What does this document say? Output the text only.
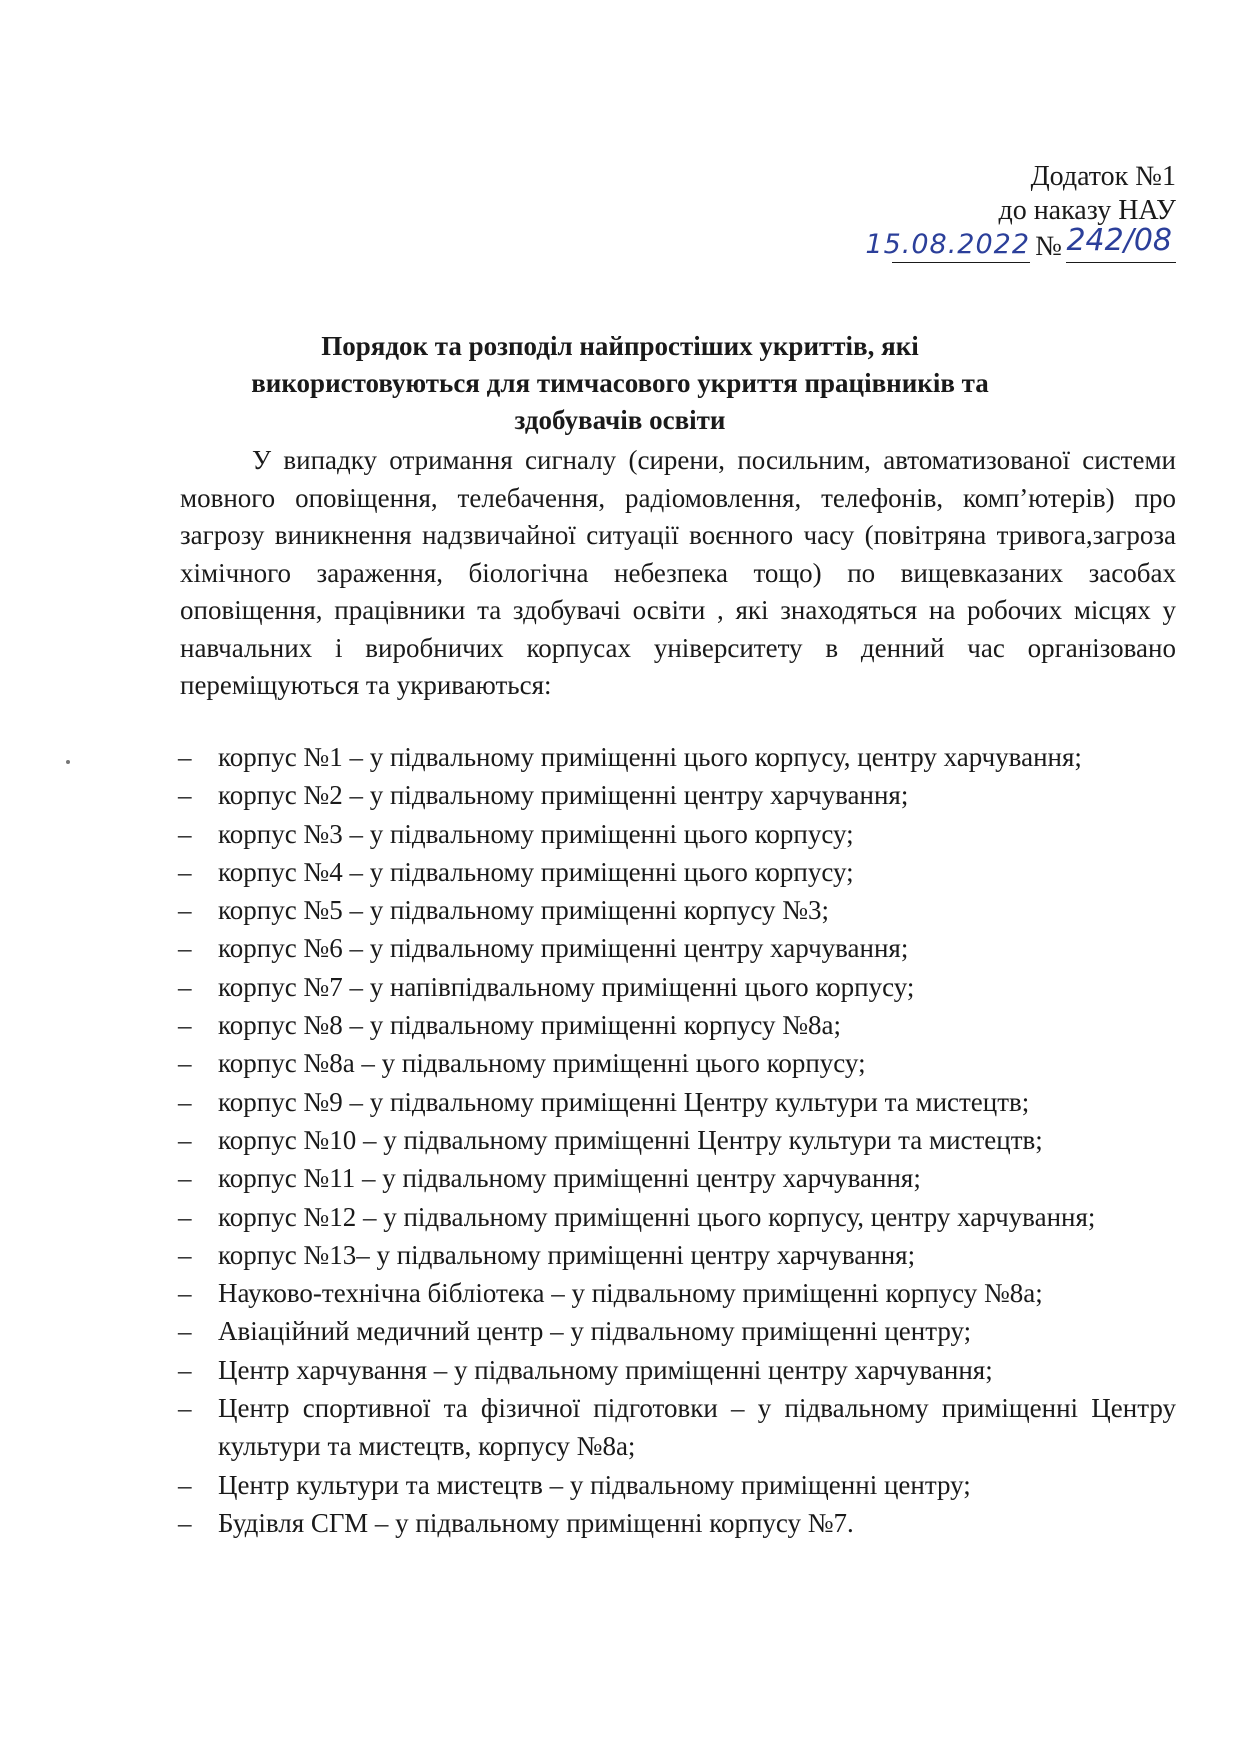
Додаток №1
до наказу НАУ
15.08.2022 № 242/08
Порядок та розподіл найпростіших укриттів, які
використовуються для тимчасового укриття працівників та
здобувачів освіти

У випадку отримання сигналу (сирени, посильним, автоматизованої системи мовного оповіщення, телебачення, радіомовлення, телефонів, комп’ютерів) про загрозу виникнення надзвичайної ситуації воєнного часу (повітряна тривога,загроза хімічного зараження, біологічна небезпека тощо) по вищевказаних засобах оповіщення, працівники та здобувачі освіти , які знаходяться на робочих місцях у навчальних і виробничих корпусах університету в денний час організовано переміщуються та укриваються:

– корпус №1 – у підвальному приміщенні цього корпусу, центру харчування;
– корпус №2 – у підвальному приміщенні центру харчування;
– корпус №3 – у підвальному приміщенні цього корпусу;
– корпус №4 – у підвальному приміщенні цього корпусу;
– корпус №5 – у підвальному приміщенні корпусу №3;
– корпус №6 – у підвальному приміщенні центру харчування;
– корпус №7 – у напівпідвальному приміщенні цього корпусу;
– корпус №8 – у підвальному приміщенні корпусу №8а;
– корпус №8а – у підвальному приміщенні цього корпусу;
– корпус №9 – у підвальному приміщенні Центру культури та мистецтв;
– корпус №10 – у підвальному приміщенні Центру культури та мистецтв;
– корпус №11 – у підвальному приміщенні центру харчування;
– корпус №12 – у підвальному приміщенні цього корпусу, центру харчування;
– корпус №13– у підвальному приміщенні центру харчування;
– Науково-технічна бібліотека – у підвальному приміщенні корпусу №8а;
– Авіаційний медичний центр – у підвальному приміщенні центру;
– Центр харчування – у підвальному приміщенні центру харчування;
– Центр спортивної та фізичної підготовки – у підвальному приміщенні Центру культури та мистецтв, корпусу №8а;
– Центр культури та мистецтв – у підвальному приміщенні центру;
– Будівля СГМ – у підвальному приміщенні корпусу №7.
